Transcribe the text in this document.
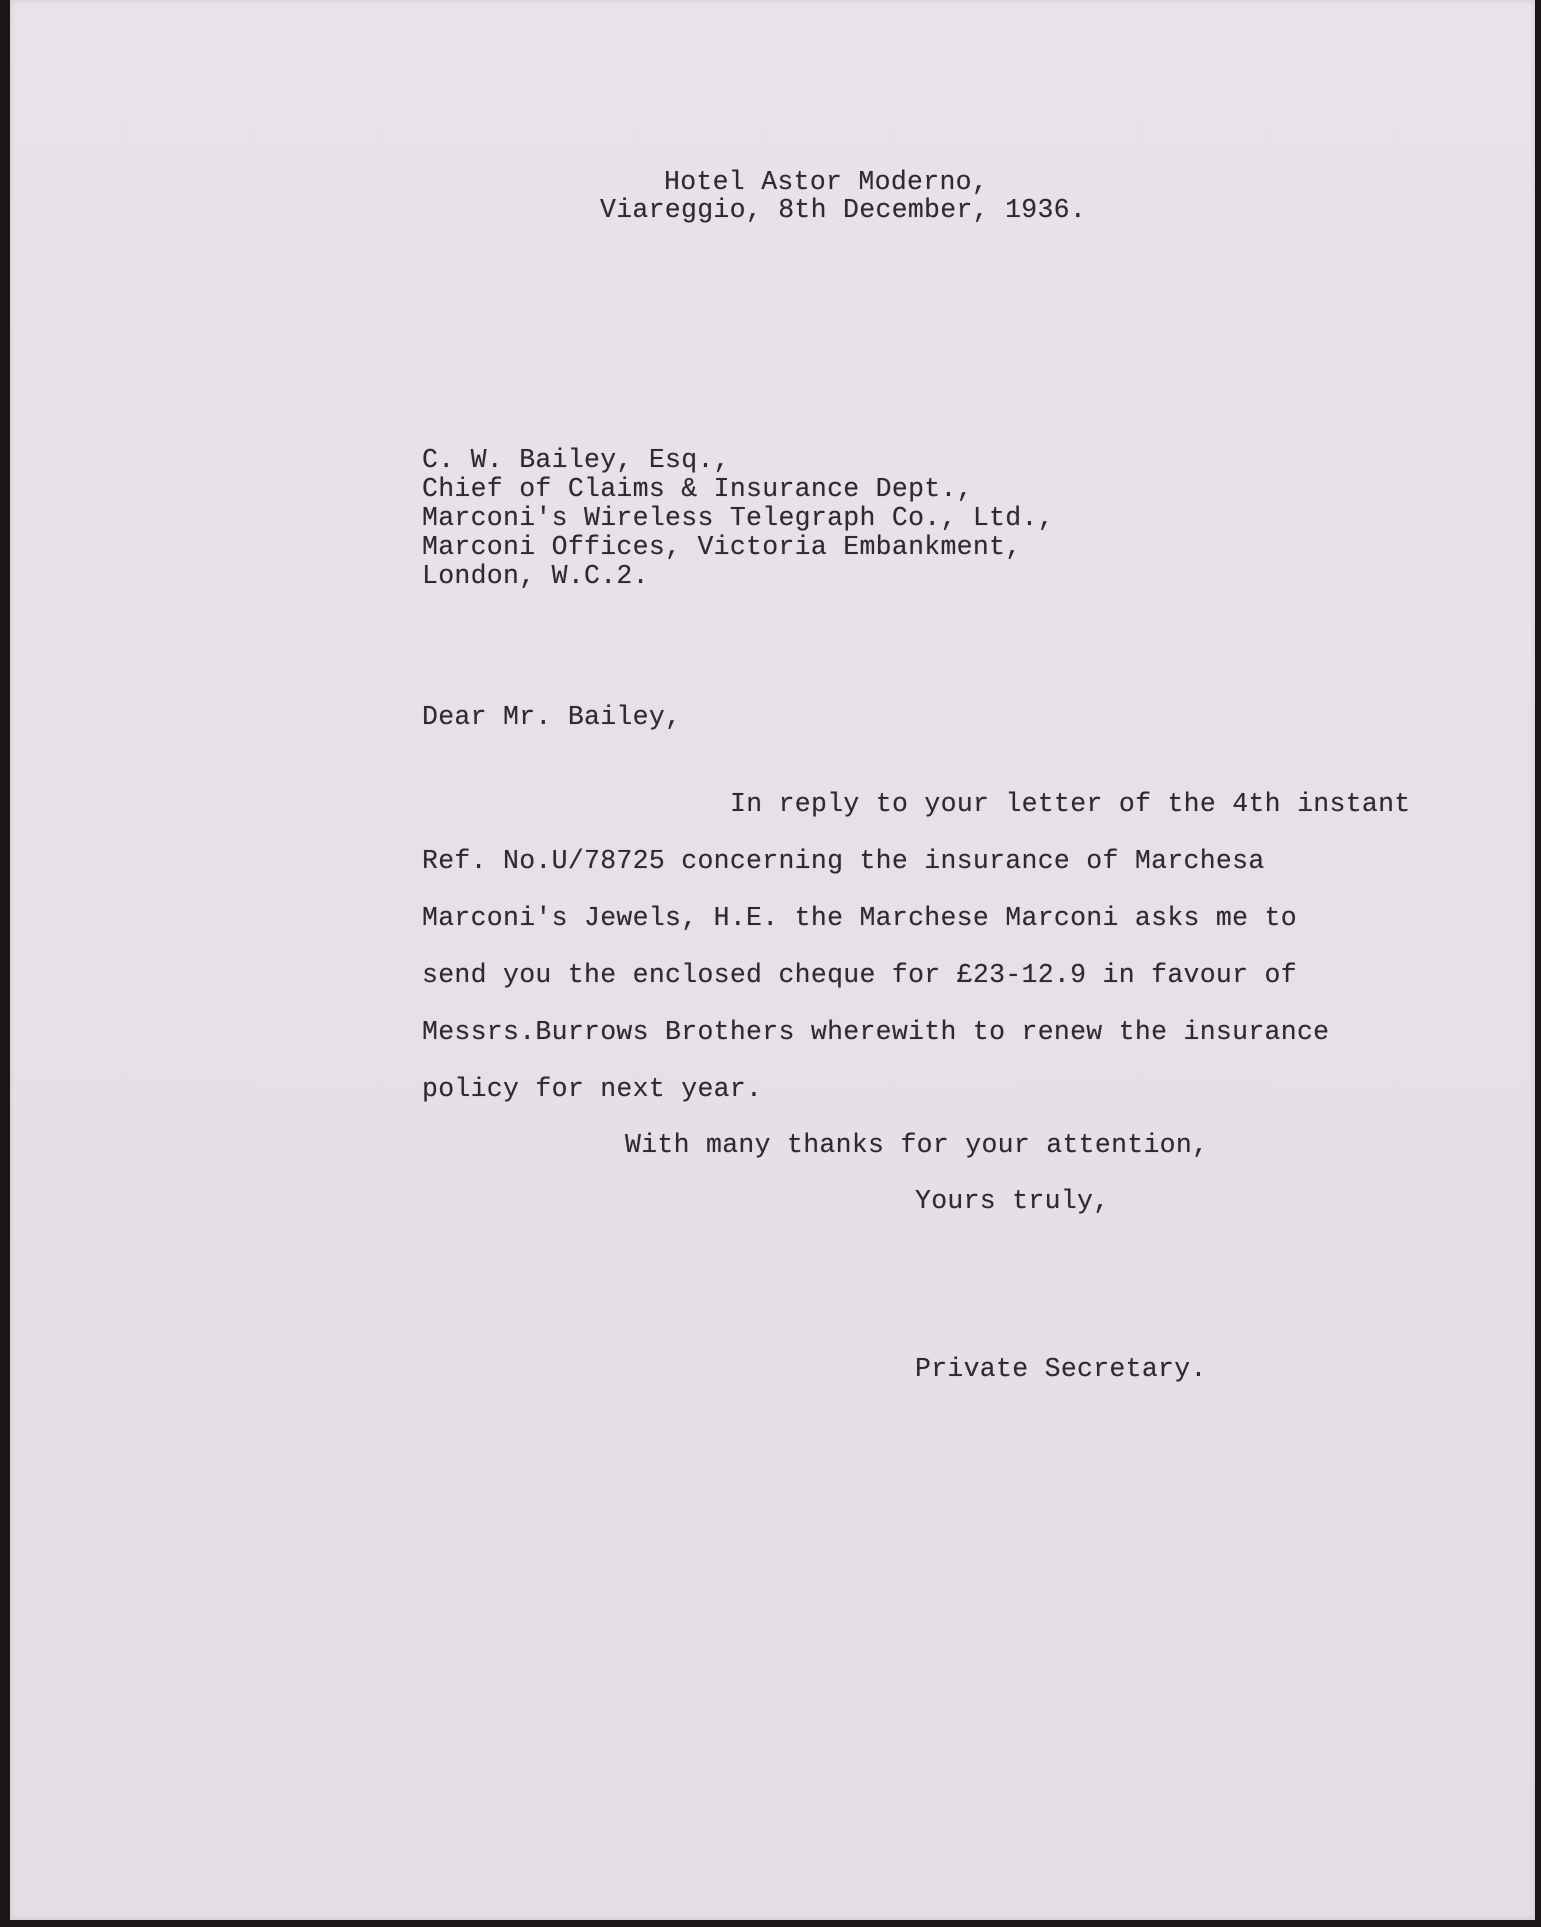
Hotel Astor Moderno,
Viareggio, 8th December, 1936.
C. W. Bailey, Esq.,
Chief of Claims & Insurance Dept.,
Marconi's Wireless Telegraph Co., Ltd.,
Marconi Offices, Victoria Embankment,
London, W.C.2.
Dear Mr. Bailey,
In reply to your letter of the 4th instant
Ref. No.U/78725 concerning the insurance of Marchesa
Marconi's Jewels, H.E. the Marchese Marconi asks me to
send you the enclosed cheque for £23-12.9 in favour of
Messrs.Burrows Brothers wherewith to renew the insurance
policy for next year.
With many thanks for your attention,
Yours truly,
Private Secretary.
